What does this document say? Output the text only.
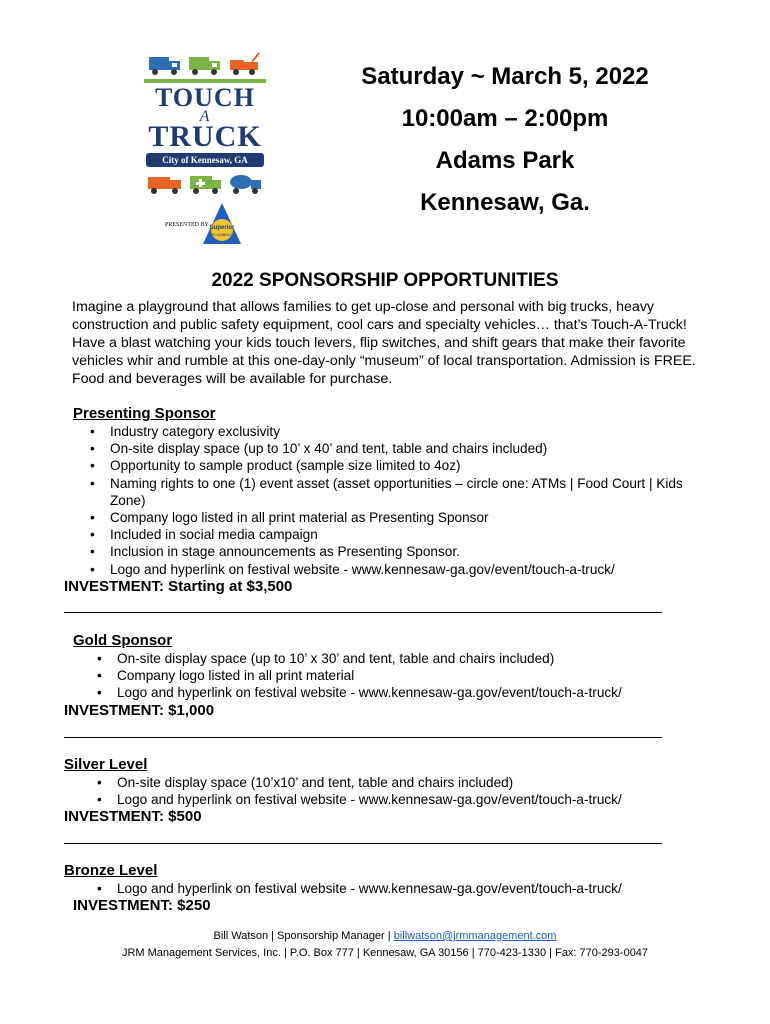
TOUCH
A
TRUCK
City of Kennesaw, GA
PRESENTED BY Superior
PLUMBING
Saturday ~ March 5, 2022
10:00am – 2:00pm
Adams Park
Kennesaw, Ga.
2022 SPONSORSHIP OPPORTUNITIES
Imagine a playground that allows families to get up-close and personal with big trucks, heavy construction and public safety equipment, cool cars and specialty vehicles… that’s Touch-A-Truck! Have a blast watching your kids touch levers, flip switches, and shift gears that make their favorite vehicles whir and rumble at this one-day-only “museum” of local transportation. Admission is FREE. Food and beverages will be available for purchase.
Presenting Sponsor
• Industry category exclusivity
• On-site display space (up to 10’ x 40’ and tent, table and chairs included)
• Opportunity to sample product (sample size limited to 4oz)
• Naming rights to one (1) event asset (asset opportunities – circle one: ATMs | Food Court | Kids Zone)
• Company logo listed in all print material as Presenting Sponsor
• Included in social media campaign
• Inclusion in stage announcements as Presenting Sponsor.
• Logo and hyperlink on festival website - www.kennesaw-ga.gov/event/touch-a-truck/
INVESTMENT: Starting at $3,500
Gold Sponsor
• On-site display space (up to 10’ x 30’ and tent, table and chairs included)
• Company logo listed in all print material
• Logo and hyperlink on festival website - www.kennesaw-ga.gov/event/touch-a-truck/
INVESTMENT: $1,000
Silver Level
• On-site display space (10’x10’ and tent, table and chairs included)
• Logo and hyperlink on festival website - www.kennesaw-ga.gov/event/touch-a-truck/
INVESTMENT: $500
Bronze Level
• Logo and hyperlink on festival website - www.kennesaw-ga.gov/event/touch-a-truck/
INVESTMENT: $250
Bill Watson | Sponsorship Manager | billwatson@jrmmanagement.com
JRM Management Services, Inc. | P.O. Box 777 | Kennesaw, GA 30156 | 770-423-1330 | Fax: 770-293-0047
